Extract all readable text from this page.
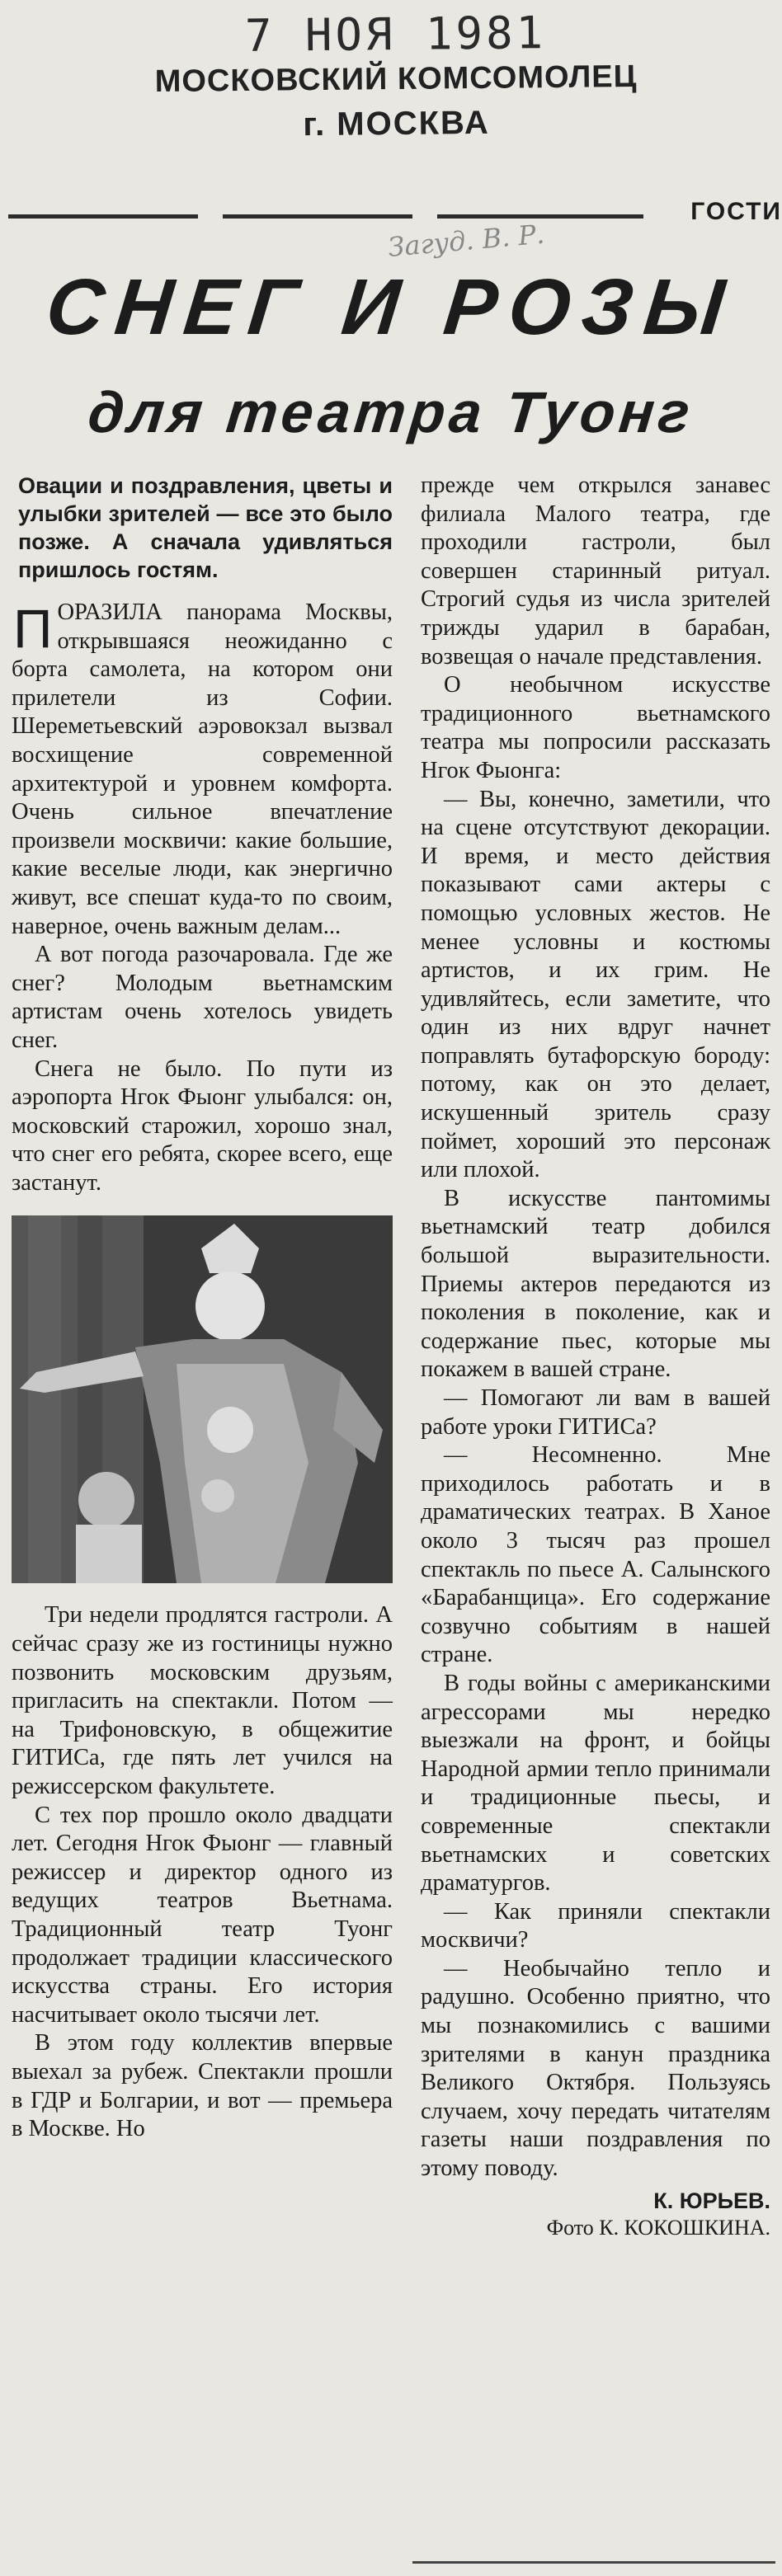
7 НОЯ 1981
МОСКОВСКИЙ КОМСОМОЛЕЦ
г. МОСКВА
ГОСТИ
Загуд. В. Р.
СНЕГ И РОЗЫ
для театра Туонг

Овации и поздравления, цветы и улыбки зрителей — все это было позже. А сначала удивляться пришлось гостям.

ПОРАЗИЛА панорама Москвы, открывшаяся неожиданно с борта самолета, на котором они прилетели из Софии. Шереметьевский аэровокзал вызвал восхищение современной архитектурой и уровнем комфорта. Очень сильное впечатление произвели москвичи: какие большие, какие веселые люди, как энергично живут, все спешат куда-то по своим, наверное, очень важным делам...

А вот погода разочаровала. Где же снег? Молодым вьетнамским артистам очень хотелось увидеть снег.

Снега не было. По пути из аэропорта Нгок Фыонг улыбался: он, московский старожил, хорошо знал, что снег его ребята, скорее всего, еще застанут.

Три недели продлятся гастроли. А сейчас сразу же из гостиницы нужно позвонить московским друзьям, пригласить на спектакли. Потом — на Трифоновскую, в общежитие ГИТИСа, где пять лет учился на режиссерском факультете.

С тех пор прошло около двадцати лет. Сегодня Нгок Фыонг — главный режиссер и директор одного из ведущих театров Вьетнама. Традиционный театр Туонг продолжает традиции классического искусства страны. Его история насчитывает около тысячи лет.

В этом году коллектив впервые выехал за рубеж. Спектакли прошли в ГДР и Болгарии, и вот — премьера в Москве. Но

прежде чем открылся занавес филиала Малого театра, где проходили гастроли, был совершен старинный ритуал. Строгий судья из числа зрителей трижды ударил в барабан, возвещая о начале представления.

О необычном искусстве традиционного вьетнамского театра мы попросили рассказать Нгок Фыонга:

— Вы, конечно, заметили, что на сцене отсутствуют декорации. И время, и место действия показывают сами актеры с помощью условных жестов. Не менее условны и костюмы артистов, и их грим. Не удивляйтесь, если заметите, что один из них вдруг начнет поправлять бутафорскую бороду: потому, как он это делает, искушенный зритель сразу поймет, хороший это персонаж или плохой.

В искусстве пантомимы вьетнамский театр добился большой выразительности. Приемы актеров передаются из поколения в поколение, как и содержание пьес, которые мы покажем в вашей стране.

— Помогают ли вам в вашей работе уроки ГИТИСа?

— Несомненно. Мне приходилось работать и в драматических театрах. В Ханое около 3 тысяч раз прошел спектакль по пьесе А. Салынского «Барабанщица». Его содержание созвучно событиям в нашей стране.

В годы войны с американскими агрессорами мы нередко выезжали на фронт, и бойцы Народной армии тепло принимали и традиционные пьесы, и современные спектакли вьетнамских и советских драматургов.

— Как приняли спектакли москвичи?

— Необычайно тепло и радушно. Особенно приятно, что мы познакомились с вашими зрителями в канун праздника Великого Октября. Пользуясь случаем, хочу передать читателям газеты наши поздравления по этому поводу.

К. ЮРЬЕВ.
Фото К. КОКОШКИНА.
